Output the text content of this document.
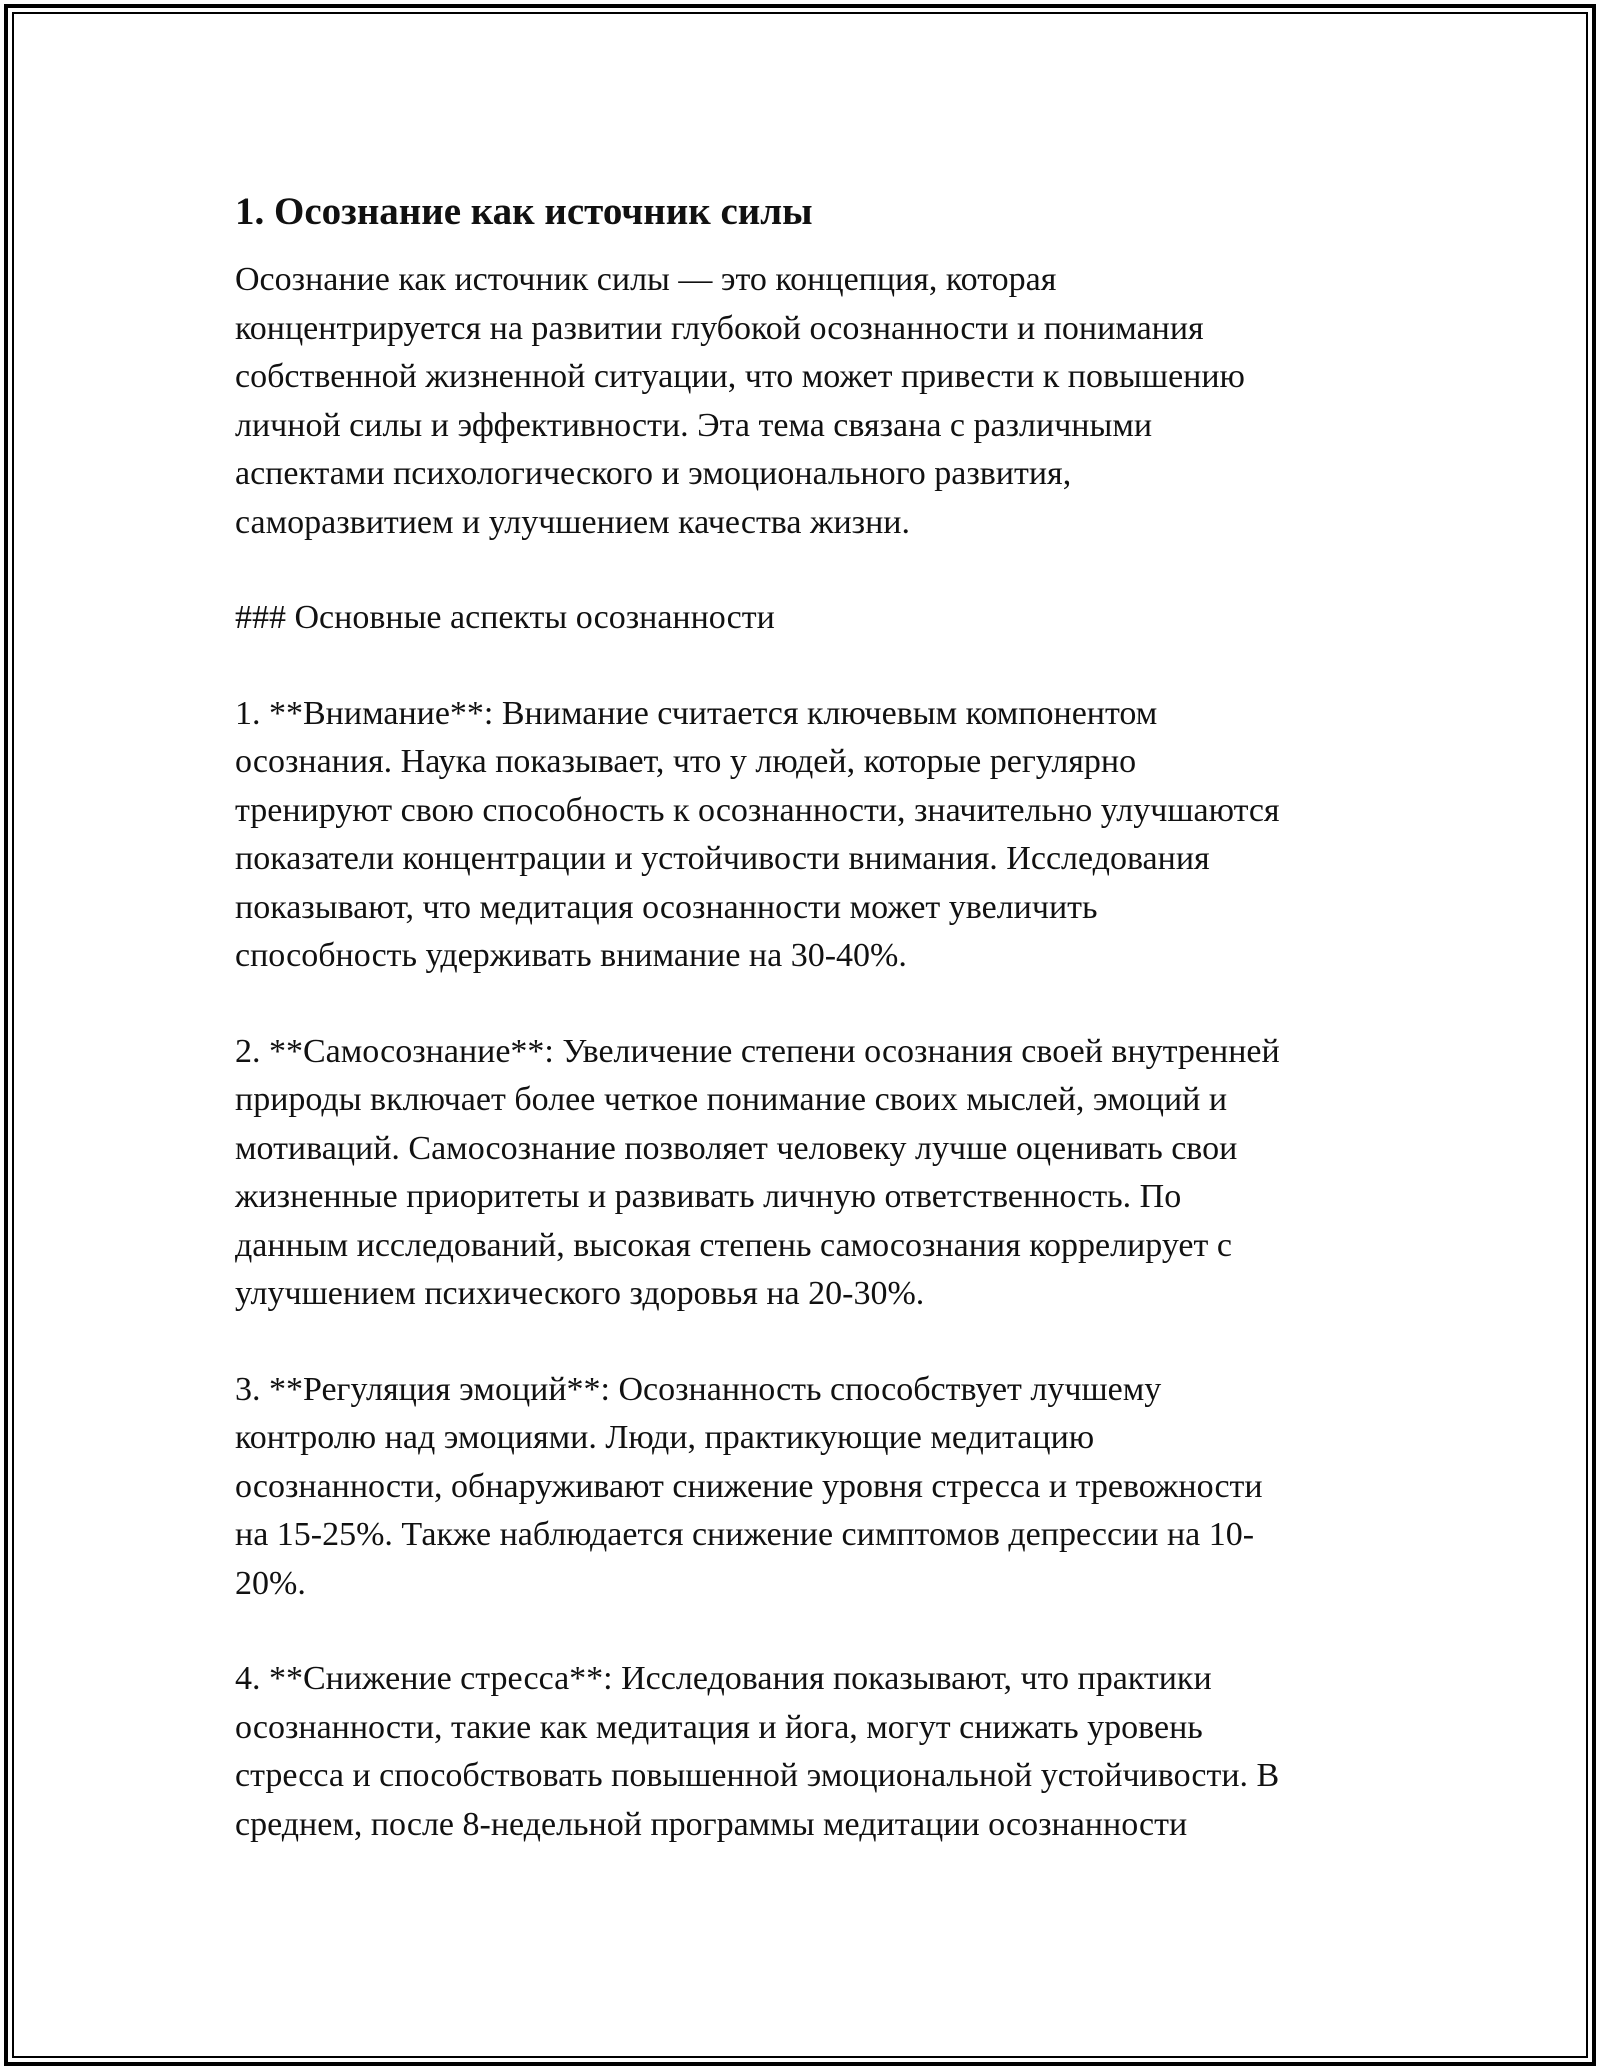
1. Осознание как источник силы

Осознание как источник силы — это концепция, которая
концентрируется на развитии глубокой осознанности и понимания
собственной жизненной ситуации, что может привести к повышению
личной силы и эффективности. Эта тема связана с различными
аспектами психологического и эмоционального развития,
саморазвитием и улучшением качества жизни.

### Основные аспекты осознанности

1. **Внимание**: Внимание считается ключевым компонентом
осознания. Наука показывает, что у людей, которые регулярно
тренируют свою способность к осознанности, значительно улучшаются
показатели концентрации и устойчивости внимания. Исследования
показывают, что медитация осознанности может увеличить
способность удерживать внимание на 30-40%.

2. **Самосознание**: Увеличение степени осознания своей внутренней
природы включает более четкое понимание своих мыслей, эмоций и
мотиваций. Самосознание позволяет человеку лучше оценивать свои
жизненные приоритеты и развивать личную ответственность. По
данным исследований, высокая степень самосознания коррелирует с
улучшением психического здоровья на 20-30%.

3. **Регуляция эмоций**: Осознанность способствует лучшему
контролю над эмоциями. Люди, практикующие медитацию
осознанности, обнаруживают снижение уровня стресса и тревожности
на 15-25%. Также наблюдается снижение симптомов депрессии на 10-
20%.

4. **Снижение стресса**: Исследования показывают, что практики
осознанности, такие как медитация и йога, могут снижать уровень
стресса и способствовать повышенной эмоциональной устойчивости. В
среднем, после 8-недельной программы медитации осознанности
